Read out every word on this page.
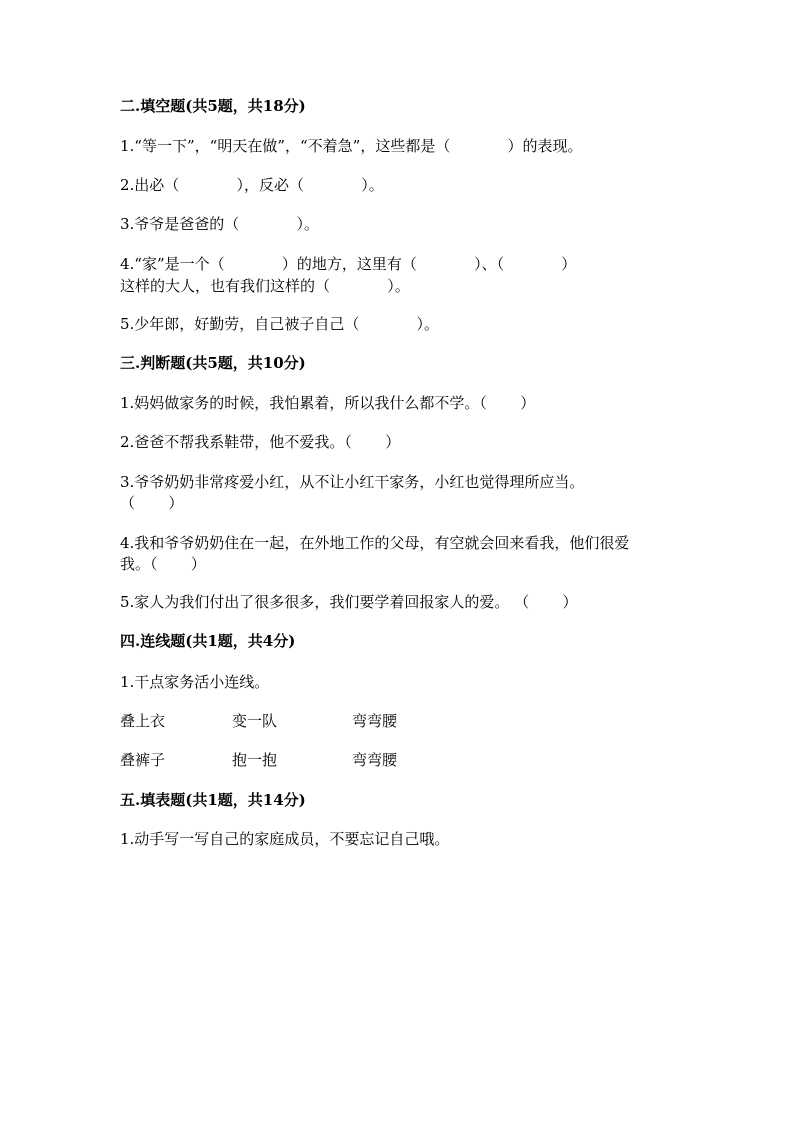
二.填空题(共5题，共18分)
1.“等一下”，“明天在做”，“不着急”，这些都是（            ）的表现。
2.出必（            ），反必（            ）。
3.爷爷是爸爸的（            ）。
4.“家”是一个（            ）的地方，这里有（            ）、（            ）
这样的大人，也有我们这样的（            ）。
5.少年郎，好勤劳，自己被子自己（            ）。
三.判断题(共5题，共10分)
1.妈妈做家务的时候，我怕累着，所以我什么都不学。（       ）
2.爸爸不帮我系鞋带，他不爱我。（       ）
3.爷爷奶奶非常疼爱小红，从不让小红干家务，小红也觉得理所应当。
（       ）
4.我和爷爷奶奶住在一起，在外地工作的父母，有空就会回来看我，他们很爱
我。（       ）
5.家人为我们付出了很多很多，我们要学着回报家人的爱。 （       ）
四.连线题(共1题，共4分)
1.干点家务活小连线。
叠上衣	变一队	弯弯腰
叠裤子	抱一抱	弯弯腰
五.填表题(共1题，共14分)
1.动手写一写自己的家庭成员，不要忘记自己哦。
